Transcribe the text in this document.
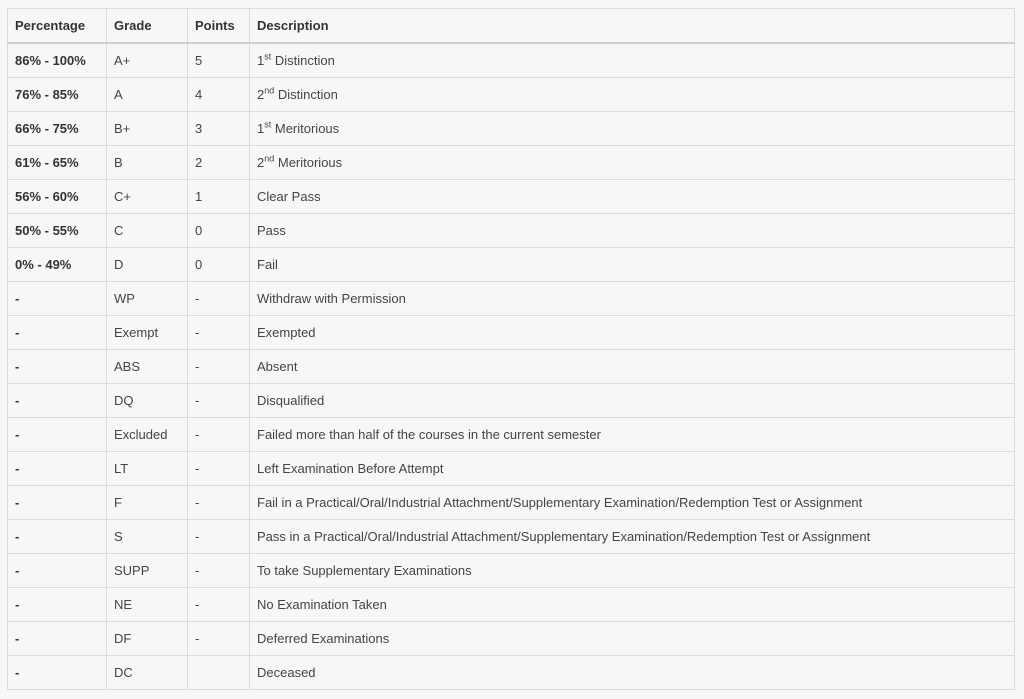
Percentage	Grade	Points	Description
86% - 100%	A+	5	1st Distinction
76% - 85%	A	4	2nd Distinction
66% - 75%	B+	3	1st Meritorious
61% - 65%	B	2	2nd Meritorious
56% - 60%	C+	1	Clear Pass
50% - 55%	C	0	Pass
0% - 49%	D	0	Fail
-	WP	-	Withdraw with Permission
-	Exempt	-	Exempted
-	ABS	-	Absent
-	DQ	-	Disqualified
-	Excluded	-	Failed more than half of the courses in the current semester
-	LT	-	Left Examination Before Attempt
-	F	-	Fail in a Practical/Oral/Industrial Attachment/Supplementary Examination/Redemption Test or Assignment
-	S	-	Pass in a Practical/Oral/Industrial Attachment/Supplementary Examination/Redemption Test or Assignment
-	SUPP	-	To take Supplementary Examinations
-	NE	-	No Examination Taken
-	DF	-	Deferred Examinations
-	DC		Deceased
